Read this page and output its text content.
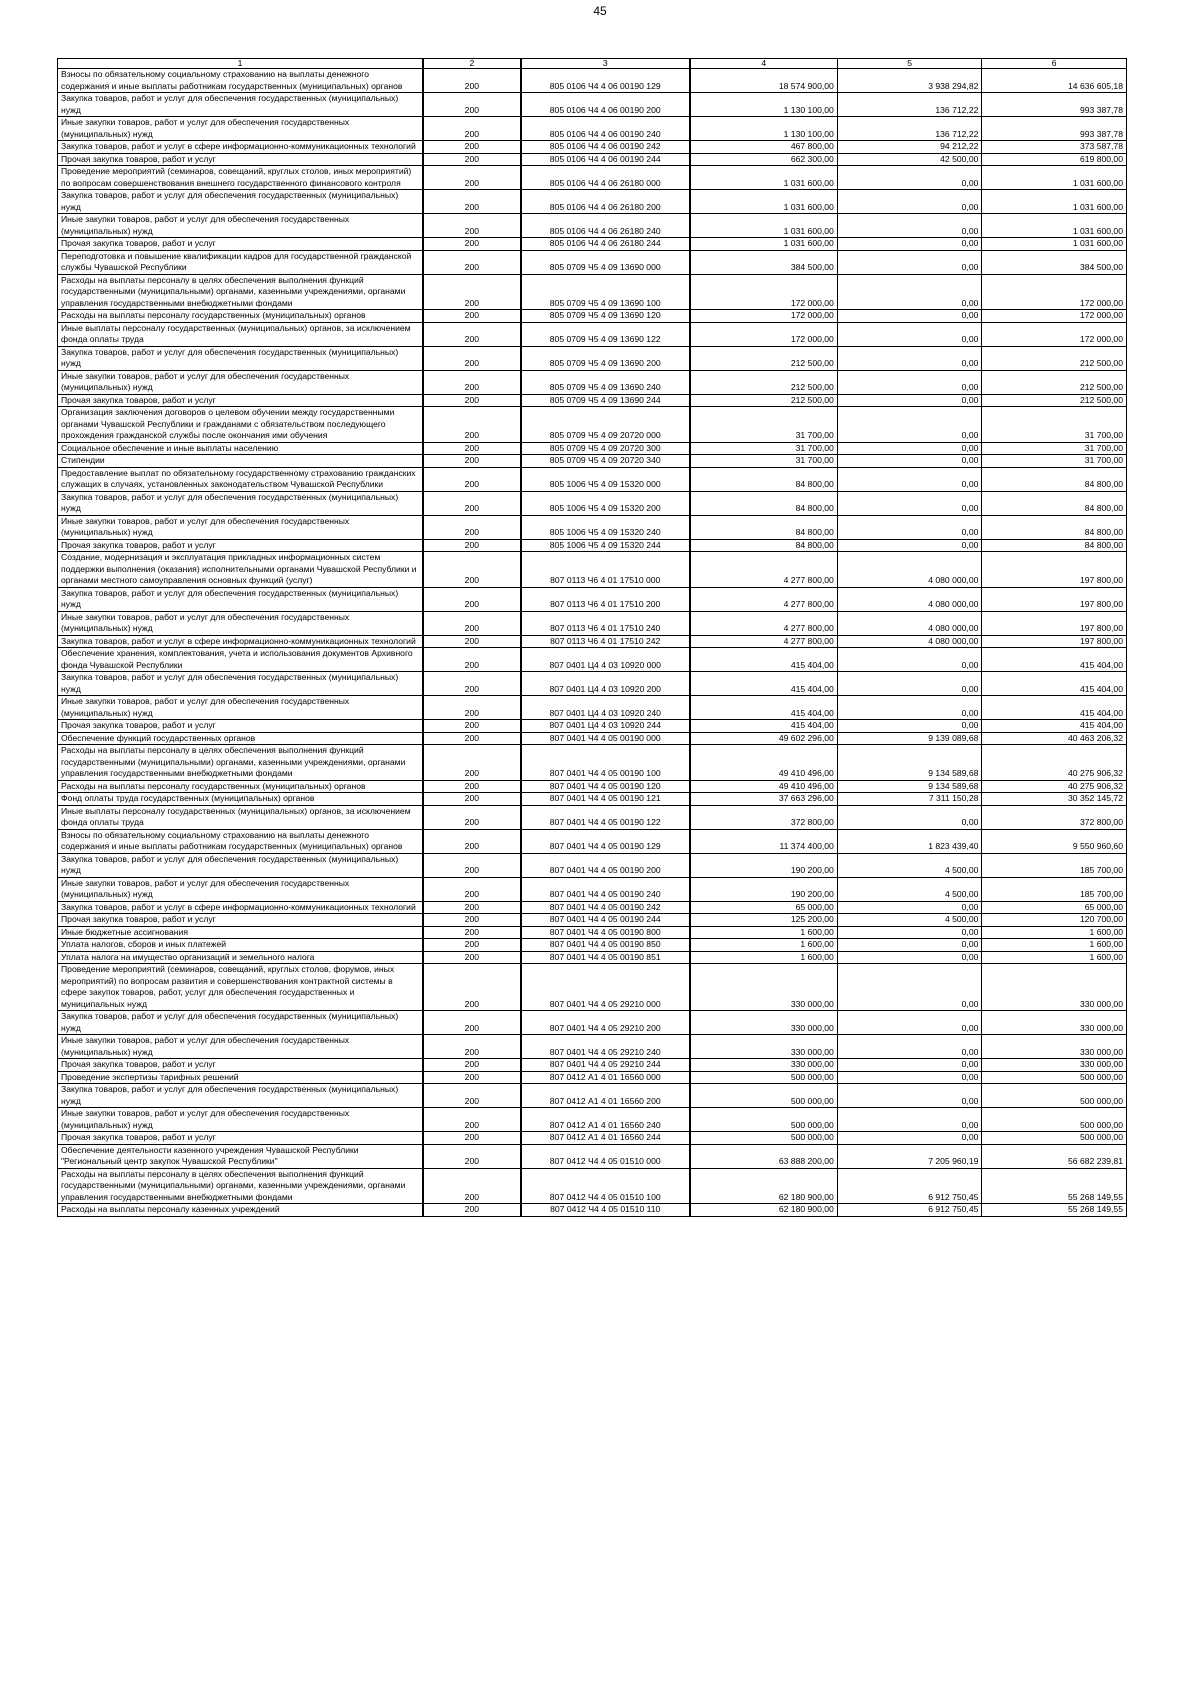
45
1	2	3	4	5	6
Взносы по обязательному социальному страхованию на выплаты денежного содержания и иные выплаты работникам государственных (муниципальных) органов	200	805 0106 Ч4 4 06 00190 129	18 574 900,00	3 938 294,82	14 636 605,18
Закупка товаров, работ и услуг для обеспечения государственных (муниципальных) нужд	200	805 0106 Ч4 4 06 00190 200	1 130 100,00	136 712,22	993 387,78
Иные закупки товаров, работ и услуг для обеспечения государственных (муниципальных) нужд	200	805 0106 Ч4 4 06 00190 240	1 130 100,00	136 712,22	993 387,78
Закупка товаров, работ и услуг в сфере информационно-коммуникационных технологий	200	805 0106 Ч4 4 06 00190 242	467 800,00	94 212,22	373 587,78
Прочая закупка товаров, работ и услуг	200	805 0106 Ч4 4 06 00190 244	662 300,00	42 500,00	619 800,00
Проведение мероприятий (семинаров, совещаний, круглых столов, иных мероприятий) по вопросам совершенствования внешнего государственного финансового контроля	200	805 0106 Ч4 4 06 26180 000	1 031 600,00	0,00	1 031 600,00
Закупка товаров, работ и услуг для обеспечения государственных (муниципальных) нужд	200	805 0106 Ч4 4 06 26180 200	1 031 600,00	0,00	1 031 600,00
Иные закупки товаров, работ и услуг для обеспечения государственных (муниципальных) нужд	200	805 0106 Ч4 4 06 26180 240	1 031 600,00	0,00	1 031 600,00
Прочая закупка товаров, работ и услуг	200	805 0106 Ч4 4 06 26180 244	1 031 600,00	0,00	1 031 600,00
Переподготовка и повышение квалификации кадров для государственной гражданской службы Чувашской Республики	200	805 0709 Ч5 4 09 13690 000	384 500,00	0,00	384 500,00
Расходы на выплаты персоналу в целях обеспечения выполнения функций государственными (муниципальными) органами, казенными учреждениями, органами управления государственными внебюджетными фондами	200	805 0709 Ч5 4 09 13690 100	172 000,00	0,00	172 000,00
Расходы на выплаты персоналу государственных (муниципальных) органов	200	805 0709 Ч5 4 09 13690 120	172 000,00	0,00	172 000,00
Иные выплаты персоналу государственных (муниципальных) органов, за исключением фонда оплаты труда	200	805 0709 Ч5 4 09 13690 122	172 000,00	0,00	172 000,00
Закупка товаров, работ и услуг для обеспечения государственных (муниципальных) нужд	200	805 0709 Ч5 4 09 13690 200	212 500,00	0,00	212 500,00
Иные закупки товаров, работ и услуг для обеспечения государственных (муниципальных) нужд	200	805 0709 Ч5 4 09 13690 240	212 500,00	0,00	212 500,00
Прочая закупка товаров, работ и услуг	200	805 0709 Ч5 4 09 13690 244	212 500,00	0,00	212 500,00
Организация заключения договоров о целевом обучении между государственными органами Чувашской Республики и гражданами с обязательством последующего прохождения гражданской службы после окончания ими обучения	200	805 0709 Ч5 4 09 20720 000	31 700,00	0,00	31 700,00
Социальное обеспечение и иные выплаты населению	200	805 0709 Ч5 4 09 20720 300	31 700,00	0,00	31 700,00
Стипендии	200	805 0709 Ч5 4 09 20720 340	31 700,00	0,00	31 700,00
Предоставление выплат по обязательному государственному страхованию гражданских служащих в случаях, установленных законодательством Чувашской Республики	200	805 1006 Ч5 4 09 15320 000	84 800,00	0,00	84 800,00
Закупка товаров, работ и услуг для обеспечения государственных (муниципальных) нужд	200	805 1006 Ч5 4 09 15320 200	84 800,00	0,00	84 800,00
Иные закупки товаров, работ и услуг для обеспечения государственных (муниципальных) нужд	200	805 1006 Ч5 4 09 15320 240	84 800,00	0,00	84 800,00
Прочая закупка товаров, работ и услуг	200	805 1006 Ч5 4 09 15320 244	84 800,00	0,00	84 800,00
Создание, модернизация и эксплуатация прикладных информационных систем поддержки выполнения (оказания) исполнительными органами Чувашской Республики и органами местного самоуправления основных функций (услуг)	200	807 0113 Ч6 4 01 17510 000	4 277 800,00	4 080 000,00	197 800,00
Закупка товаров, работ и услуг для обеспечения государственных (муниципальных) нужд	200	807 0113 Ч6 4 01 17510 200	4 277 800,00	4 080 000,00	197 800,00
Иные закупки товаров, работ и услуг для обеспечения государственных (муниципальных) нужд	200	807 0113 Ч6 4 01 17510 240	4 277 800,00	4 080 000,00	197 800,00
Закупка товаров, работ и услуг в сфере информационно-коммуникационных технологий	200	807 0113 Ч6 4 01 17510 242	4 277 800,00	4 080 000,00	197 800,00
Обеспечение хранения, комплектования, учета и использования документов Архивного фонда Чувашской Республики	200	807 0401 Ц4 4 03 10920 000	415 404,00	0,00	415 404,00
Закупка товаров, работ и услуг для обеспечения государственных (муниципальных) нужд	200	807 0401 Ц4 4 03 10920 200	415 404,00	0,00	415 404,00
Иные закупки товаров, работ и услуг для обеспечения государственных (муниципальных) нужд	200	807 0401 Ц4 4 03 10920 240	415 404,00	0,00	415 404,00
Прочая закупка товаров, работ и услуг	200	807 0401 Ц4 4 03 10920 244	415 404,00	0,00	415 404,00
Обеспечение функций государственных органов	200	807 0401 Ч4 4 05 00190 000	49 602 296,00	9 139 089,68	40 463 206,32
Расходы на выплаты персоналу в целях обеспечения выполнения функций государственными (муниципальными) органами, казенными учреждениями, органами управления государственными внебюджетными фондами	200	807 0401 Ч4 4 05 00190 100	49 410 496,00	9 134 589,68	40 275 906,32
Расходы на выплаты персоналу государственных (муниципальных) органов	200	807 0401 Ч4 4 05 00190 120	49 410 496,00	9 134 589,68	40 275 906,32
Фонд оплаты труда государственных (муниципальных) органов	200	807 0401 Ч4 4 05 00190 121	37 663 296,00	7 311 150,28	30 352 145,72
Иные выплаты персоналу государственных (муниципальных) органов, за исключением фонда оплаты труда	200	807 0401 Ч4 4 05 00190 122	372 800,00	0,00	372 800,00
Взносы по обязательному социальному страхованию на выплаты денежного содержания и иные выплаты работникам государственных (муниципальных) органов	200	807 0401 Ч4 4 05 00190 129	11 374 400,00	1 823 439,40	9 550 960,60
Закупка товаров, работ и услуг для обеспечения государственных (муниципальных) нужд	200	807 0401 Ч4 4 05 00190 200	190 200,00	4 500,00	185 700,00
Иные закупки товаров, работ и услуг для обеспечения государственных (муниципальных) нужд	200	807 0401 Ч4 4 05 00190 240	190 200,00	4 500,00	185 700,00
Закупка товаров, работ и услуг в сфере информационно-коммуникационных технологий	200	807 0401 Ч4 4 05 00190 242	65 000,00	0,00	65 000,00
Прочая закупка товаров, работ и услуг	200	807 0401 Ч4 4 05 00190 244	125 200,00	4 500,00	120 700,00
Иные бюджетные ассигнования	200	807 0401 Ч4 4 05 00190 800	1 600,00	0,00	1 600,00
Уплата налогов, сборов и иных платежей	200	807 0401 Ч4 4 05 00190 850	1 600,00	0,00	1 600,00
Уплата налога на имущество организаций и земельного налога	200	807 0401 Ч4 4 05 00190 851	1 600,00	0,00	1 600,00
Проведение мероприятий (семинаров, совещаний, круглых столов, форумов, иных мероприятий) по вопросам развития и совершенствования контрактной системы в сфере закупок товаров, работ, услуг для обеспечения государственных и муниципальных нужд	200	807 0401 Ч4 4 05 29210 000	330 000,00	0,00	330 000,00
Закупка товаров, работ и услуг для обеспечения государственных (муниципальных) нужд	200	807 0401 Ч4 4 05 29210 200	330 000,00	0,00	330 000,00
Иные закупки товаров, работ и услуг для обеспечения государственных (муниципальных) нужд	200	807 0401 Ч4 4 05 29210 240	330 000,00	0,00	330 000,00
Прочая закупка товаров, работ и услуг	200	807 0401 Ч4 4 05 29210 244	330 000,00	0,00	330 000,00
Проведение экспертизы тарифных решений	200	807 0412 А1 4 01 16560 000	500 000,00	0,00	500 000,00
Закупка товаров, работ и услуг для обеспечения государственных (муниципальных) нужд	200	807 0412 А1 4 01 16560 200	500 000,00	0,00	500 000,00
Иные закупки товаров, работ и услуг для обеспечения государственных (муниципальных) нужд	200	807 0412 А1 4 01 16560 240	500 000,00	0,00	500 000,00
Прочая закупка товаров, работ и услуг	200	807 0412 А1 4 01 16560 244	500 000,00	0,00	500 000,00
Обеспечение деятельности казенного учреждения Чувашской Республики "Региональный центр закупок Чувашской Республики"	200	807 0412 Ч4 4 05 01510 000	63 888 200,00	7 205 960,19	56 682 239,81
Расходы на выплаты персоналу в целях обеспечения выполнения функций государственными (муниципальными) органами, казенными учреждениями, органами управления государственными внебюджетными фондами	200	807 0412 Ч4 4 05 01510 100	62 180 900,00	6 912 750,45	55 268 149,55
Расходы на выплаты персоналу казенных учреждений	200	807 0412 Ч4 4 05 01510 110	62 180 900,00	6 912 750,45	55 268 149,55
